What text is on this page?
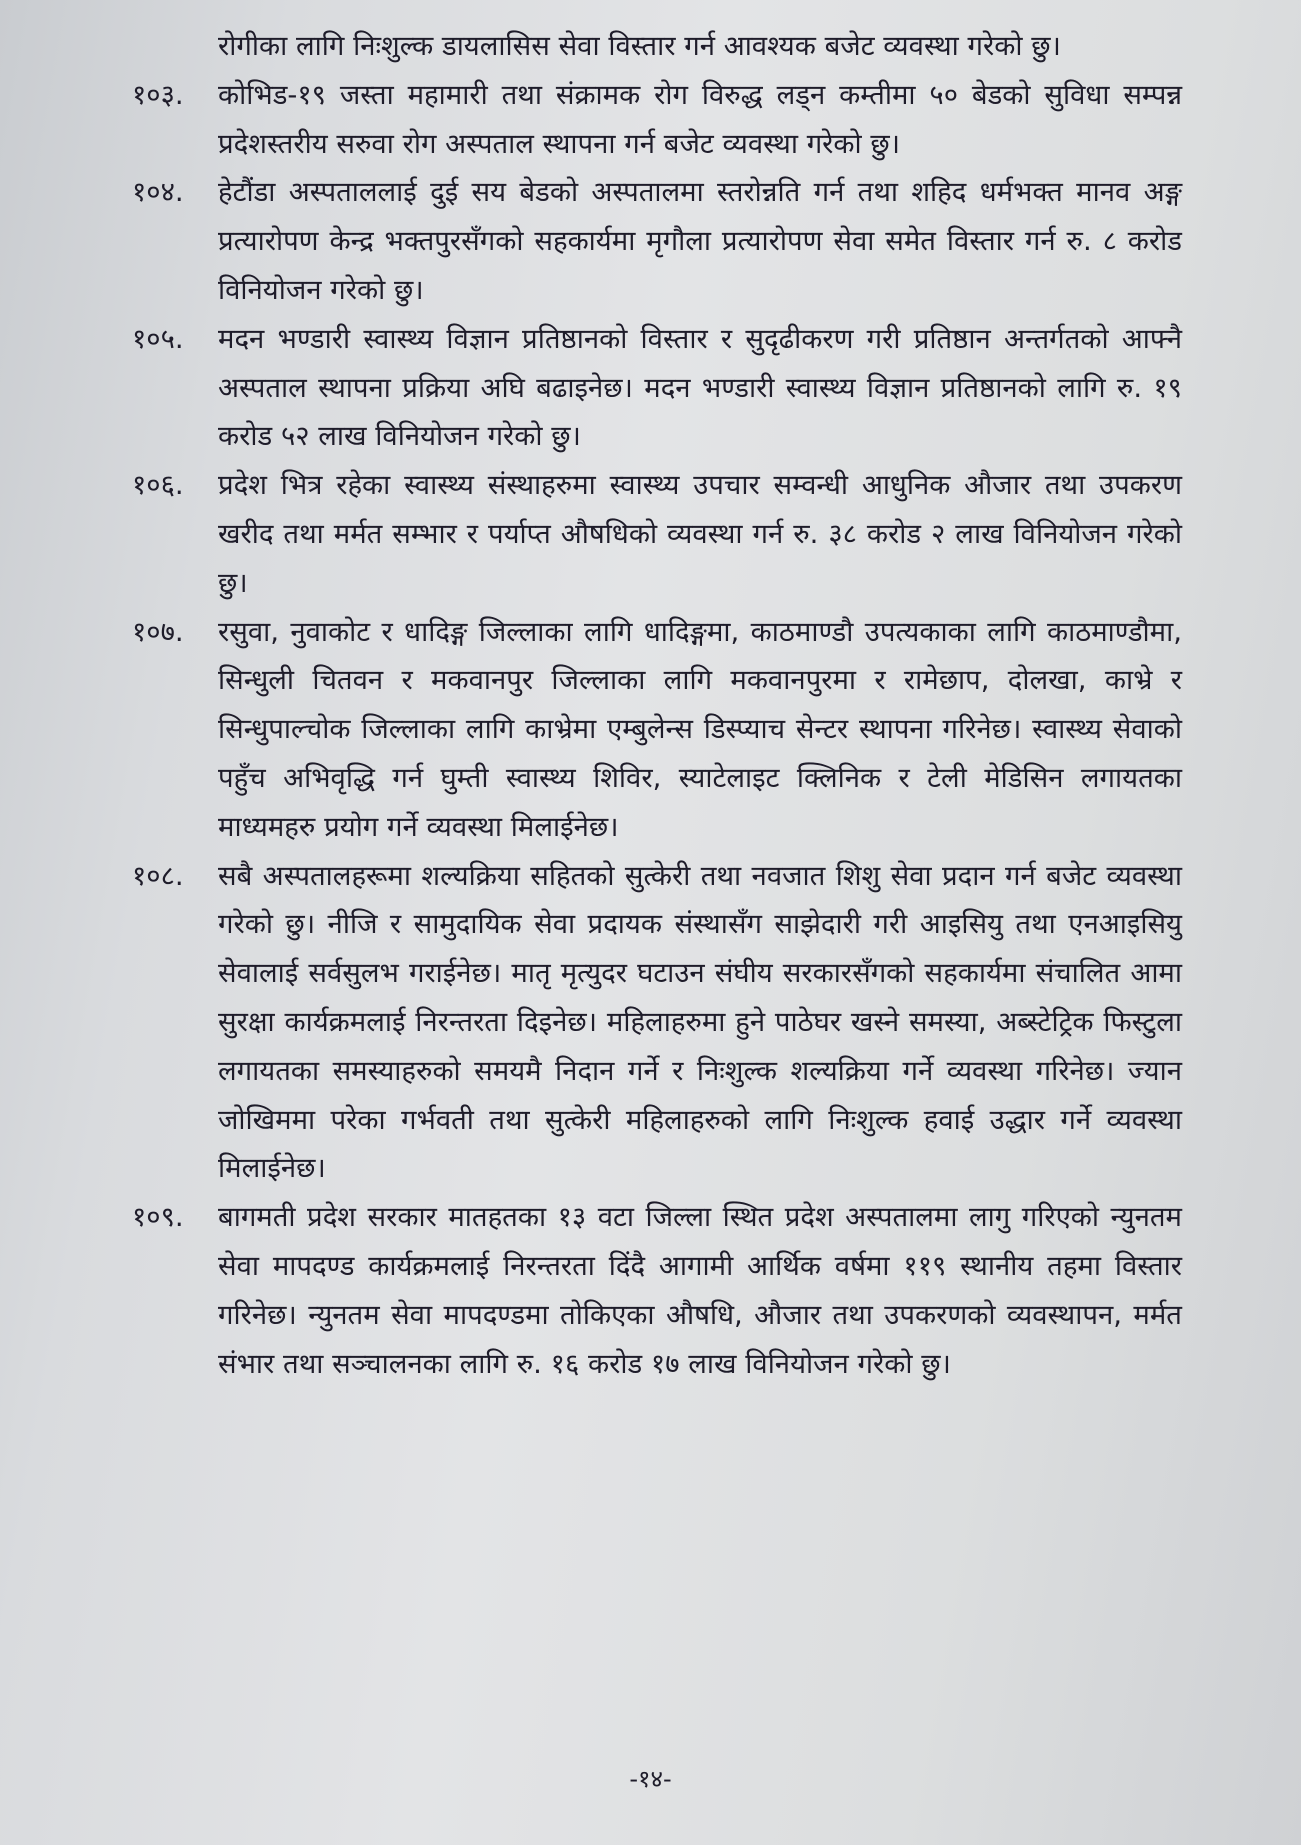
रोगीका लागि निःशुल्क डायलासिस सेवा विस्तार गर्न आवश्यक बजेट व्यवस्था गरेको छु।

१०३.	कोभिड-१९ जस्ता महामारी तथा संक्रामक रोग विरुद्ध लड्न कम्तीमा ५० बेडको सुविधा सम्पन्न प्रदेशस्तरीय सरुवा रोग अस्पताल स्थापना गर्न बजेट व्यवस्था गरेको छु।

१०४.	हेटौंडा अस्पताललाई दुई सय बेडको अस्पतालमा स्तरोन्नति गर्न तथा शहिद धर्मभक्त मानव अङ्ग प्रत्यारोपण केन्द्र भक्तपुरसँगको सहकार्यमा मृगौला प्रत्यारोपण सेवा समेत विस्तार गर्न रु. ८ करोड विनियोजन गरेको छु।

१०५.	मदन भण्डारी स्वास्थ्य विज्ञान प्रतिष्ठानको विस्तार र सुदृढीकरण गरी प्रतिष्ठान अन्तर्गतको आफ्नै अस्पताल स्थापना प्रक्रिया अघि बढाइनेछ। मदन भण्डारी स्वास्थ्य विज्ञान प्रतिष्ठानको लागि रु. १९ करोड ५२ लाख विनियोजन गरेको छु।

१०६.	प्रदेश भित्र रहेका स्वास्थ्य संस्थाहरुमा स्वास्थ्य उपचार सम्वन्धी आधुनिक औजार तथा उपकरण खरीद तथा मर्मत सम्भार र पर्याप्त औषधिको व्यवस्था गर्न रु. ३८ करोड २ लाख विनियोजन गरेको छु।

१०७.	रसुवा, नुवाकोट र धादिङ्ग जिल्लाका लागि धादिङ्गमा, काठमाण्डौ उपत्यकाका लागि काठमाण्डौमा, सिन्धुली चितवन र मकवानपुर जिल्लाका लागि मकवानपुरमा र रामेछाप, दोलखा, काभ्रे र सिन्धुपाल्चोक जिल्लाका लागि काभ्रेमा एम्बुलेन्स डिस्प्याच सेन्टर स्थापना गरिनेछ। स्वास्थ्य सेवाको पहुँच अभिवृद्धि गर्न घुम्ती स्वास्थ्य शिविर, स्याटेलाइट क्लिनिक र टेली मेडिसिन लगायतका माध्यमहरु प्रयोग गर्ने व्यवस्था मिलाईनेछ।

१०८.	सबै अस्पतालहरूमा शल्यक्रिया सहितको सुत्केरी तथा नवजात शिशु सेवा प्रदान गर्न बजेट व्यवस्था गरेको छु। नीजि र सामुदायिक सेवा प्रदायक संस्थासँग साझेदारी गरी आइसियु तथा एनआइसियु सेवालाई सर्वसुलभ गराईनेछ। मातृ मृत्युदर घटाउन संघीय सरकारसँगको सहकार्यमा संचालित आमा सुरक्षा कार्यक्रमलाई निरन्तरता दिइनेछ। महिलाहरुमा हुने पाठेघर खस्ने समस्या, अब्स्टेट्रिक फिस्टुला लगायतका समस्याहरुको समयमै निदान गर्ने र निःशुल्क शल्यक्रिया गर्ने व्यवस्था गरिनेछ। ज्यान जोखिममा परेका गर्भवती तथा सुत्केरी महिलाहरुको लागि निःशुल्क हवाई उद्धार गर्ने व्यवस्था मिलाईनेछ।

१०९.	बागमती प्रदेश सरकार मातहतका १३ वटा जिल्ला स्थित प्रदेश अस्पतालमा लागु गरिएको न्युनतम सेवा मापदण्ड कार्यक्रमलाई निरन्तरता दिंदै आगामी आर्थिक वर्षमा ११९ स्थानीय तहमा विस्तार गरिनेछ। न्युनतम सेवा मापदण्डमा तोकिएका औषधि, औजार तथा उपकरणको व्यवस्थापन, मर्मत संभार तथा सञ्चालनका लागि रु. १६ करोड १७ लाख विनियोजन गरेको छु।

-१४-
